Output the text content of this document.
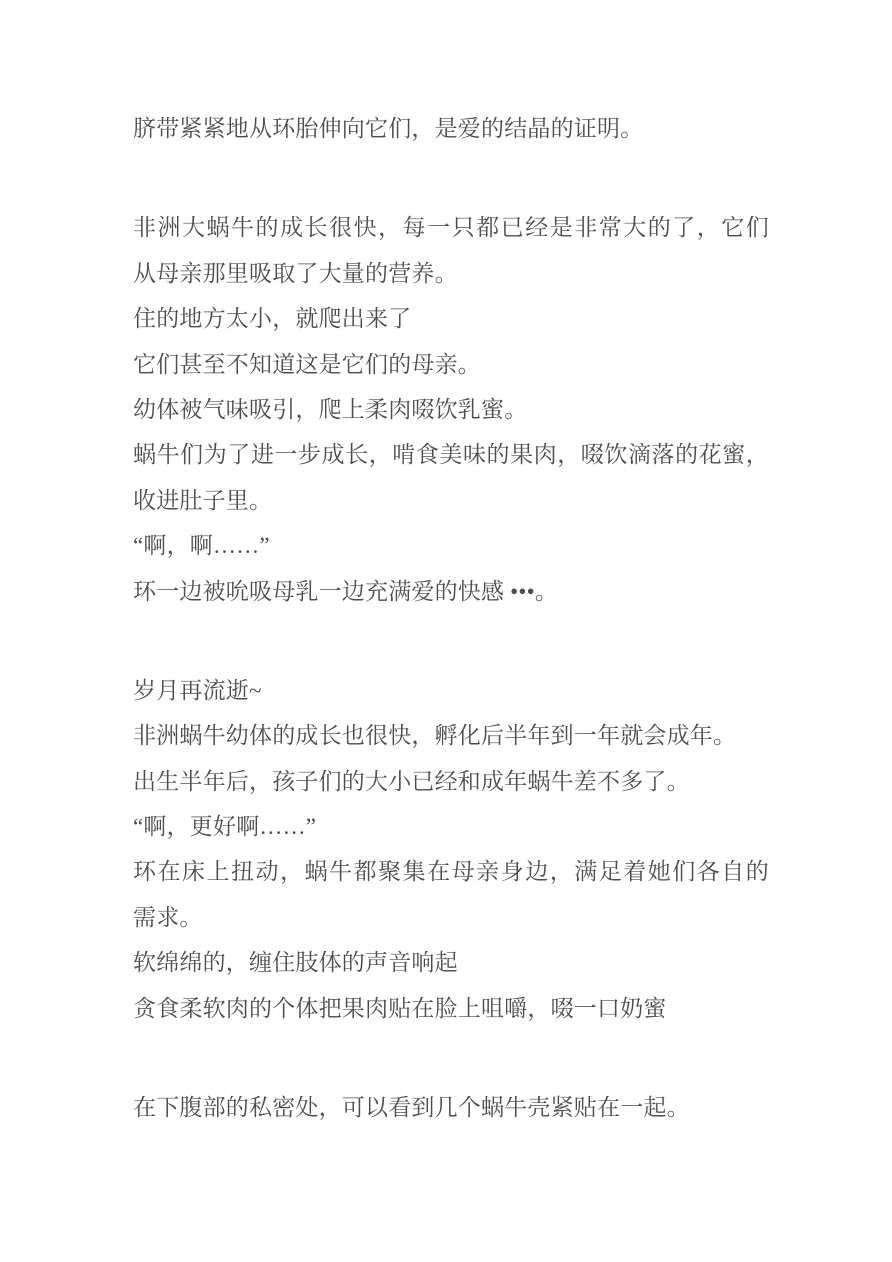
脐带紧紧地从环胎伸向它们，是爱的结晶的证明。
非洲大蜗牛的成长很快，每一只都已经是非常大的了，它们
从母亲那里吸取了大量的营养。
住的地方太小，就爬出来了
它们甚至不知道这是它们的母亲。
幼体被气味吸引，爬上柔肉啜饮乳蜜。
蜗牛们为了进一步成长，啃食美味的果肉，啜饮滴落的花蜜，
收进肚子里。
“啊，啊……”
环一边被吮吸母乳一边充满爱的快感 •••。
岁月再流逝~
非洲蜗牛幼体的成长也很快，孵化后半年到一年就会成年。
出生半年后，孩子们的大小已经和成年蜗牛差不多了。
“啊，更好啊……”
环在床上扭动，蜗牛都聚集在母亲身边，满足着她们各自的
需求。
软绵绵的，缠住肢体的声音响起
贪食柔软肉的个体把果肉贴在脸上咀嚼，啜一口奶蜜
在下腹部的私密处，可以看到几个蜗牛壳紧贴在一起。
